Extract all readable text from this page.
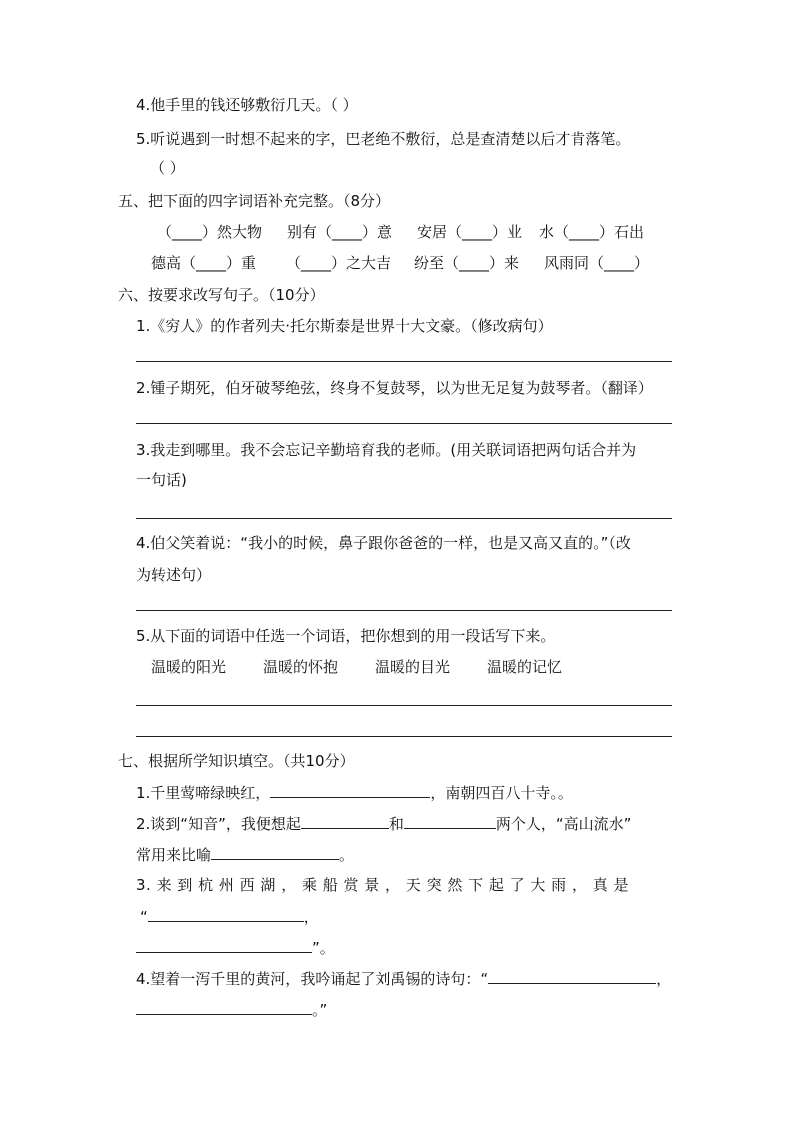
4.他手里的钱还够敷衍几天。（ ）
5.听说遇到一时想不起来的字，巴老绝不敷衍，总是查清楚以后才肯落笔。
（ ）
五、把下面的四字词语补充完整。（8分）
（____）然大物 别有（____）意 安居（____）业 水（____）石出
德高（____）重 （____）之大吉 纷至（____）来 风雨同（____）
六、按要求改写句子。（10分）
1.《穷人》的作者列夫·托尔斯泰是世界十大文豪。（修改病句）
2.锺子期死，伯牙破琴绝弦，终身不复鼓琴，以为世无足复为鼓琴者。（翻译）
3.我走到哪里。我不会忘记辛勤培育我的老师。(用关联词语把两句话合并为
一句话)
4.伯父笑着说：“我小的时候，鼻子跟你爸爸的一样，也是又高又直的。”（改
为转述句）
5.从下面的词语中任选一个词语，把你想到的用一段话写下来。
温暖的阳光 温暖的怀抱 温暖的目光 温暖的记忆
七、根据所学知识填空。（共10分）
1.千里莺啼绿映红，	，南朝四百八十寺。。
2.谈到“知音”，我便想起	和	两个人，“高山流水”
常用来比喻	。
3. 来 到 杭 州 西 湖 ， 乘 船 赏 景 ， 天 突 然 下 起 了 大 雨 ， 真 是
“	，
”。
4.望着一泻千里的黄河，我吟诵起了刘禹锡的诗句：“	，
。”
